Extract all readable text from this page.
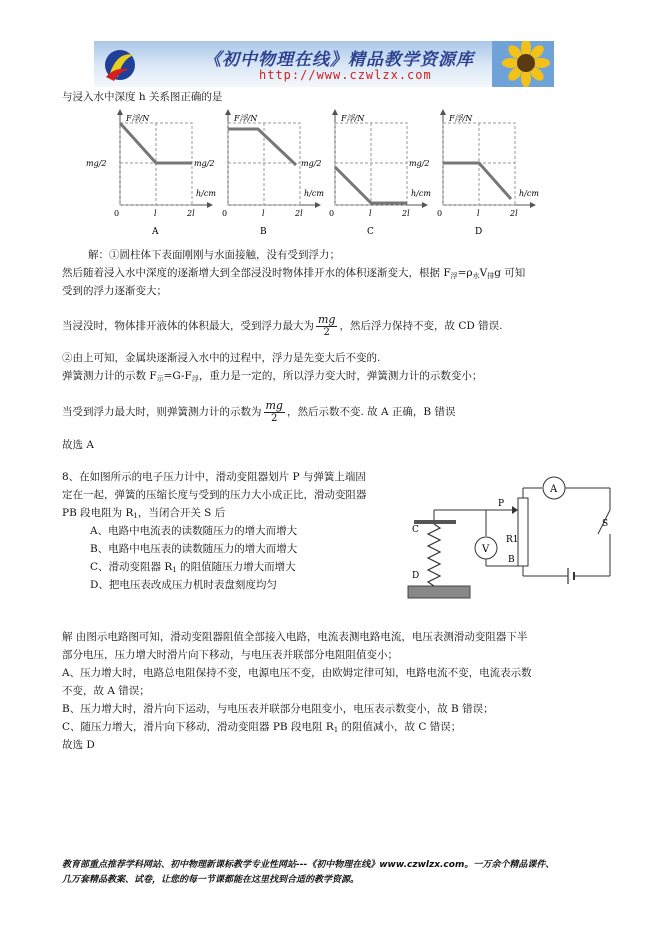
《初中物理在线》精品教学资源库
http://www.czwlzx.com
与浸入水中深度 h 关系图正确的是
F浮/N
mg/2
h/cm
0	l	2l
A
F浮/N
mg/2
h/cm
0	l	2l
B
F浮/N
mg/2
h/cm
0	l	2l
C
F浮/N
mg/2
h/cm
0	l	2l
D
解：①圆柱体下表面刚刚与水面接触，没有受到浮力；
然后随着浸入水中深度的逐渐增大到全部浸没时物体排开水的体积逐渐变大，根据 $F_浮=\rho_水V_排g$ 可知
受到的浮力逐渐变大；
当浸没时，物体排开液体的体积最大，受到浮力最大为 $\frac{mg}{2}$ ，然后浮力保持不变，故 CD 错误.
②由上可知，金属块逐渐浸入水中的过程中，浮力是先变大后不变的.
弹簧测力计的示数 $F_示=G-F_浮$，重力是一定的，所以浮力变大时，弹簧测力计的示数变小；
当受到浮力最大时，则弹簧测力计的示数为 $\frac{mg}{2}$ ，然后示数不变. 故 A 正确，B 错误
故选 A
8、在如图所示的电子压力计中，滑动变阻器划片 P 与弹簧上端固
定在一起，弹簧的压缩长度与受到的压力大小成正比，滑动变阻器
PB 段电阻为 $R_1$，当闭合开关 S 后
A、电路中电流表的读数随压力的增大而增大
B、电路中电压表的读数随压力的增大而增大
C、滑动变阻器 $R_1$ 的阻值随压力增大而增大
D、把电压表改成压力机时表盘刻度均匀
C
D
P
R1
B
V
A
S
解 由图示电路图可知，滑动变阻器阻值全部接入电路，电流表测电路电流，电压表测滑动变阻器下半
部分电压，压力增大时滑片向下移动，与电压表并联部分电阻阻值变小；
A、压力增大时，电路总电阻保持不变，电源电压不变，由欧姆定律可知，电路电流不变，电流表示数
不变，故 A 错误；
B、压力增大时，滑片向下运动，与电压表并联部分电阻变小，电压表示数变小，故 B 错误；
C、随压力增大，滑片向下移动，滑动变阻器 PB 段电阻 $R_1$ 的阻值减小，故 C 错误；
故选 D
教育部重点推荐学科网站、初中物理新课标教学专业性网站---《初中物理在线》www.czwlzx.com。一万余个精品课件、
几万套精品教案、试卷，让您的每一节课都能在这里找到合适的教学资源。
